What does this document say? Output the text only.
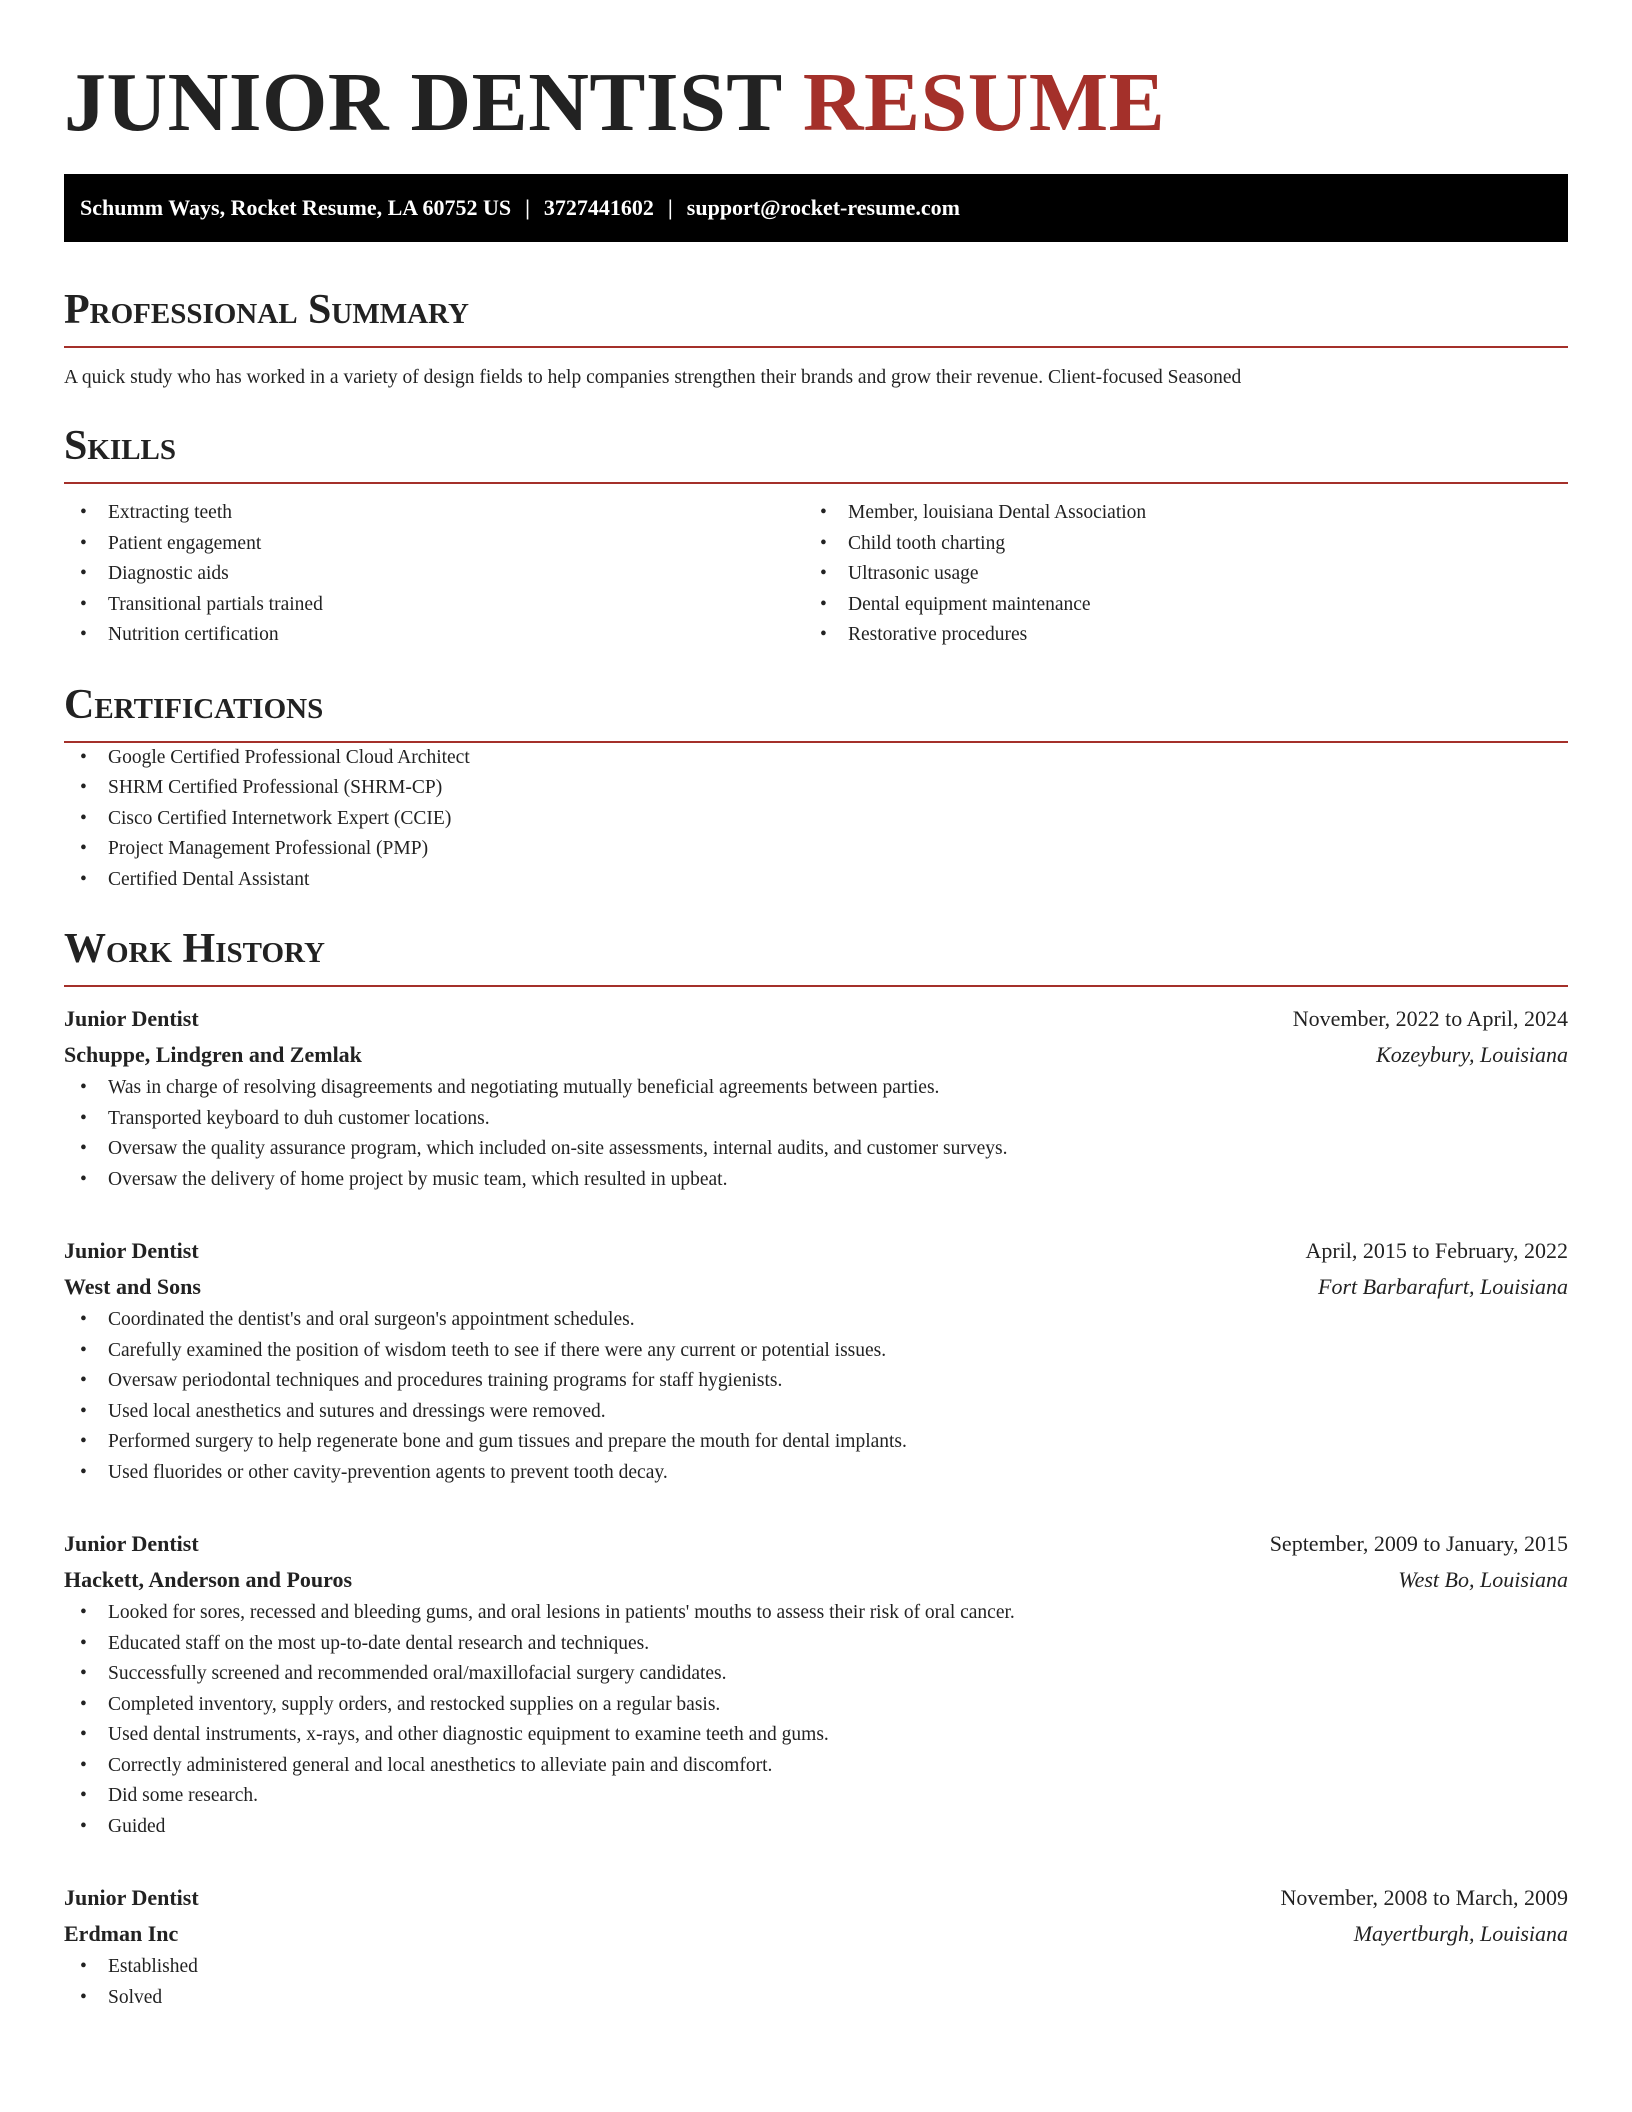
JUNIOR DENTIST RESUME
Schumm Ways, Rocket Resume, LA 60752 US | 3727441602 | support@rocket-resume.com
Professional Summary

A quick study who has worked in a variety of design fields to help companies strengthen their brands and grow their revenue. Client-focused Seasoned

Skills
• Extracting teeth
• Patient engagement
• Diagnostic aids
• Transitional partials trained
• Nutrition certification
• Member, louisiana Dental Association
• Child tooth charting
• Ultrasonic usage
• Dental equipment maintenance
• Restorative procedures
Certifications
• Google Certified Professional Cloud Architect
• SHRM Certified Professional (SHRM-CP)
• Cisco Certified Internetwork Expert (CCIE)
• Project Management Professional (PMP)
• Certified Dental Assistant
Work History
Junior Dentist	November, 2022 to April, 2024
Schuppe, Lindgren and Zemlak	Kozeybury, Louisiana
• Was in charge of resolving disagreements and negotiating mutually beneficial agreements between parties.
• Transported keyboard to duh customer locations.
• Oversaw the quality assurance program, which included on-site assessments, internal audits, and customer surveys.
• Oversaw the delivery of home project by music team, which resulted in upbeat.
Junior Dentist	April, 2015 to February, 2022
West and Sons	Fort Barbarafurt, Louisiana
• Coordinated the dentist's and oral surgeon's appointment schedules.
• Carefully examined the position of wisdom teeth to see if there were any current or potential issues.
• Oversaw periodontal techniques and procedures training programs for staff hygienists.
• Used local anesthetics and sutures and dressings were removed.
• Performed surgery to help regenerate bone and gum tissues and prepare the mouth for dental implants.
• Used fluorides or other cavity-prevention agents to prevent tooth decay.
Junior Dentist	September, 2009 to January, 2015
Hackett, Anderson and Pouros	West Bo, Louisiana
• Looked for sores, recessed and bleeding gums, and oral lesions in patients' mouths to assess their risk of oral cancer.
• Educated staff on the most up-to-date dental research and techniques.
• Successfully screened and recommended oral/maxillofacial surgery candidates.
• Completed inventory, supply orders, and restocked supplies on a regular basis.
• Used dental instruments, x-rays, and other diagnostic equipment to examine teeth and gums.
• Correctly administered general and local anesthetics to alleviate pain and discomfort.
• Did some research.
• Guided
Junior Dentist	November, 2008 to March, 2009
Erdman Inc	Mayertburgh, Louisiana
• Established
• Solved
